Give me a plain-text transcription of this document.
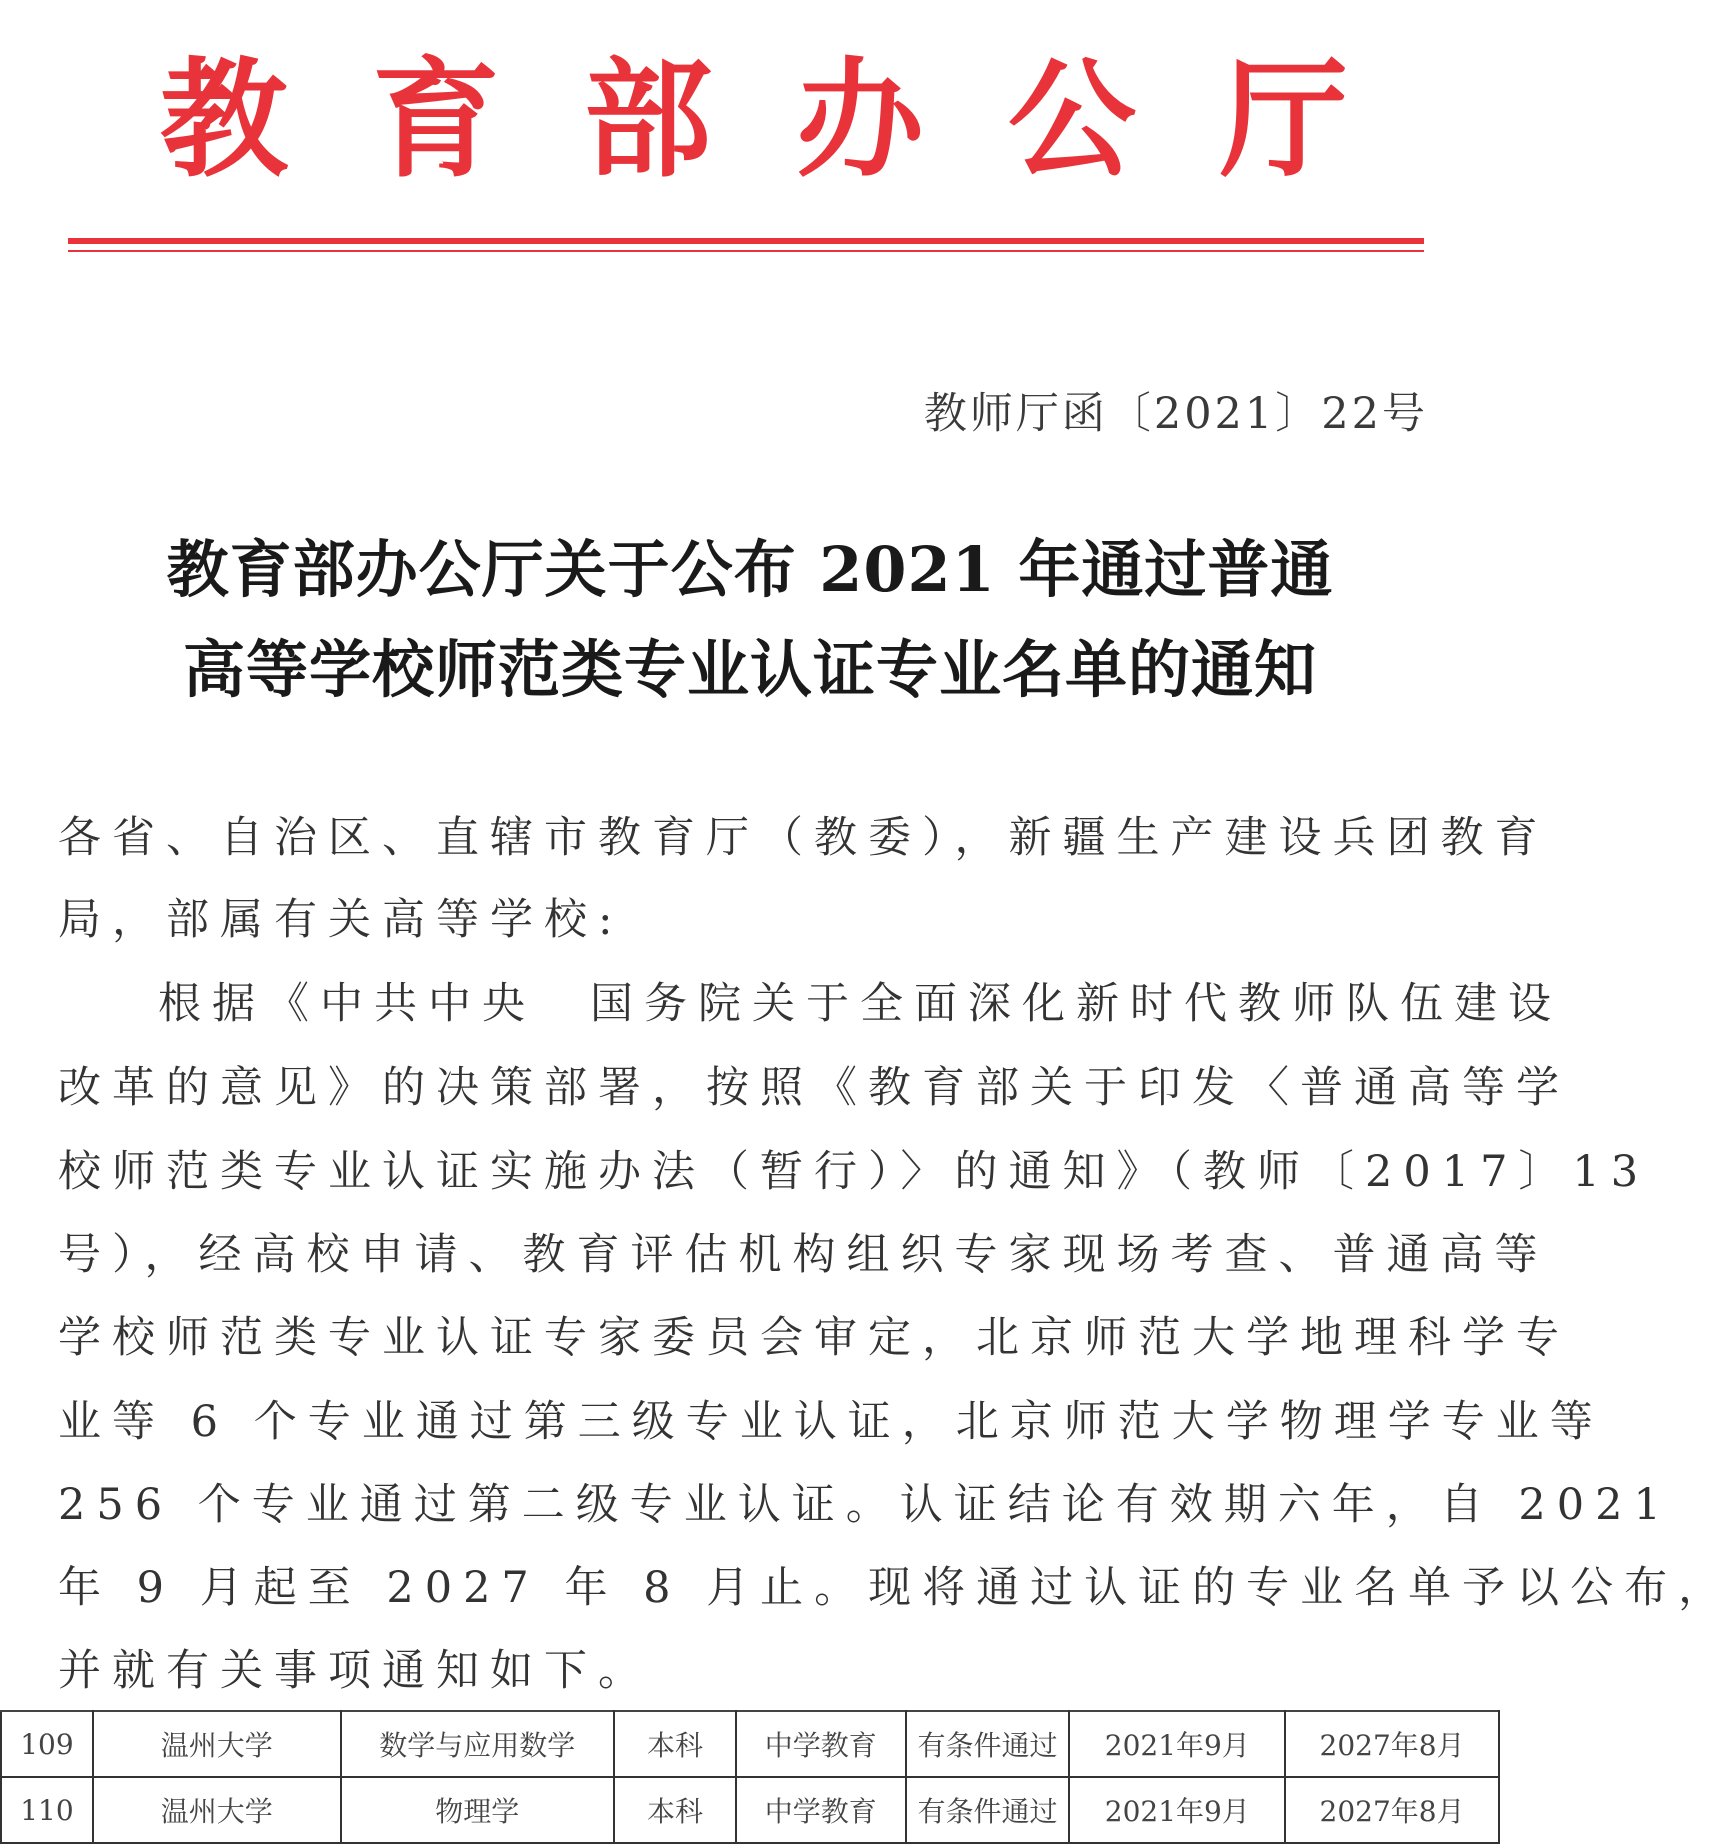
教 育 部 办 公 厅
教师厅函〔2021〕22号
教育部办公厅关于公布 2021 年通过普通
高等学校师范类专业认证专业名单的通知
各省、自治区、直辖市教育厅（教委），新疆生产建设兵团教育
局，部属有关高等学校:
根据《中共中央　国务院关于全面深化新时代教师队伍建设
改革的意见》的决策部署，按照《教育部关于印发〈普通高等学
校师范类专业认证实施办法（暂行）〉的通知》（教师〔2017〕13
号），经高校申请、教育评估机构组织专家现场考查、普通高等
学校师范类专业认证专家委员会审定，北京师范大学地理科学专
业等 6 个专业通过第三级专业认证，北京师范大学物理学专业等
256 个专业通过第二级专业认证。认证结论有效期六年，自 2021
年 9 月起至 2027 年 8 月止。现将通过认证的专业名单予以公布，
并就有关事项通知如下。
109	温州大学	数学与应用数学	本科	中学教育	有条件通过	2021年9月	2027年8月
110	温州大学	物理学	本科	中学教育	有条件通过	2021年9月	2027年8月
